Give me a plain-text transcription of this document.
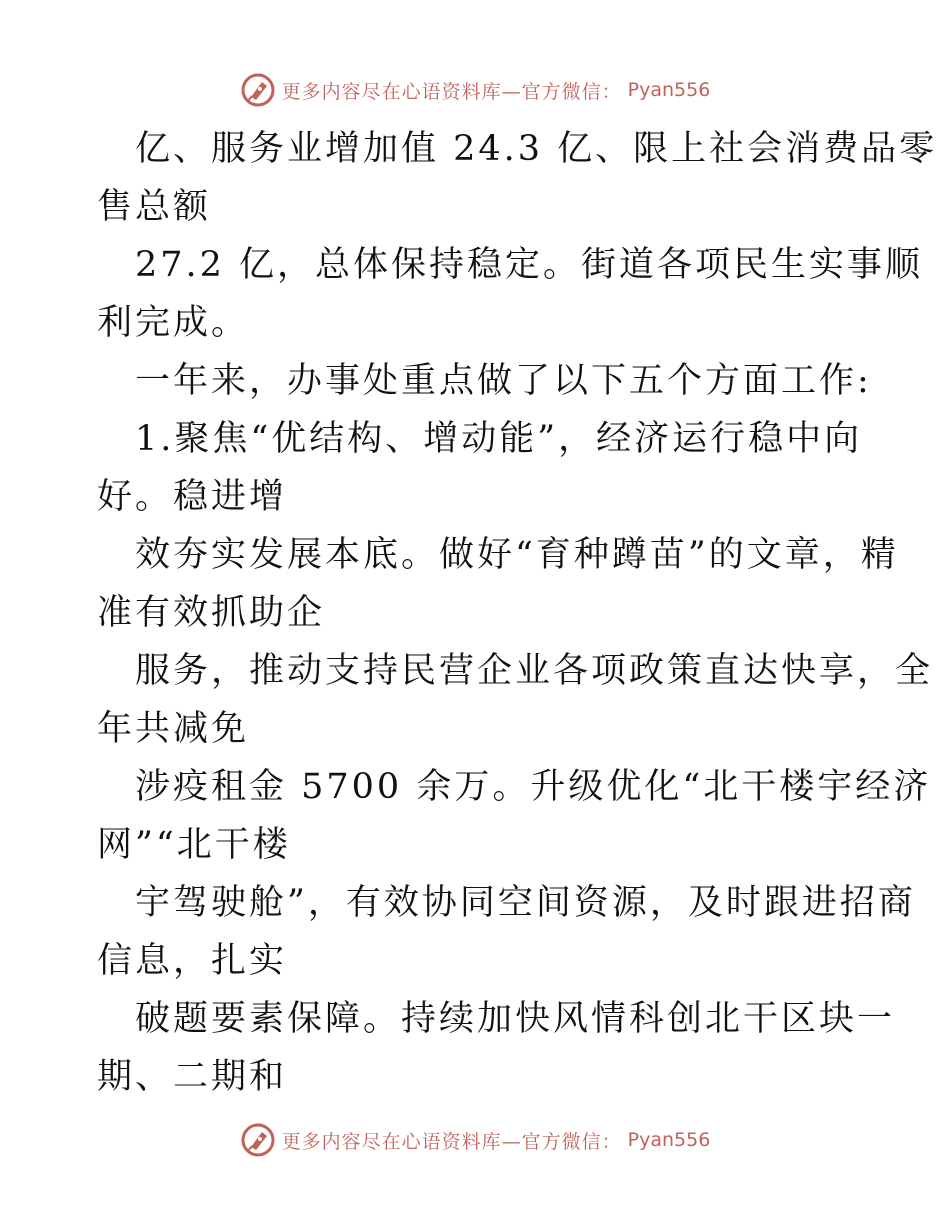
更多内容尽在心语资料库—官方微信： Pyan556

亿、服务业增加值 24.3 亿、限上社会消费品零

售总额

27.2 亿，总体保持稳定。街道各项民生实事顺

利完成。

一年来，办事处重点做了以下五个方面工作:

1.聚焦“优结构、增动能”，经济运行稳中向

好。稳进增

效夯实发展本底。做好“育种蹲苗”的文章，精

准有效抓助企

服务，推动支持民营企业各项政策直达快享，全

年共减免

涉疫租金 5700 余万。升级优化“北干楼宇经济

网”“北干楼

宇驾驶舱”，有效协同空间资源，及时跟进招商

信息，扎实

破题要素保障。持续加快风情科创北干区块一

期、二期和

更多内容尽在心语资料库—官方微信： Pyan556
